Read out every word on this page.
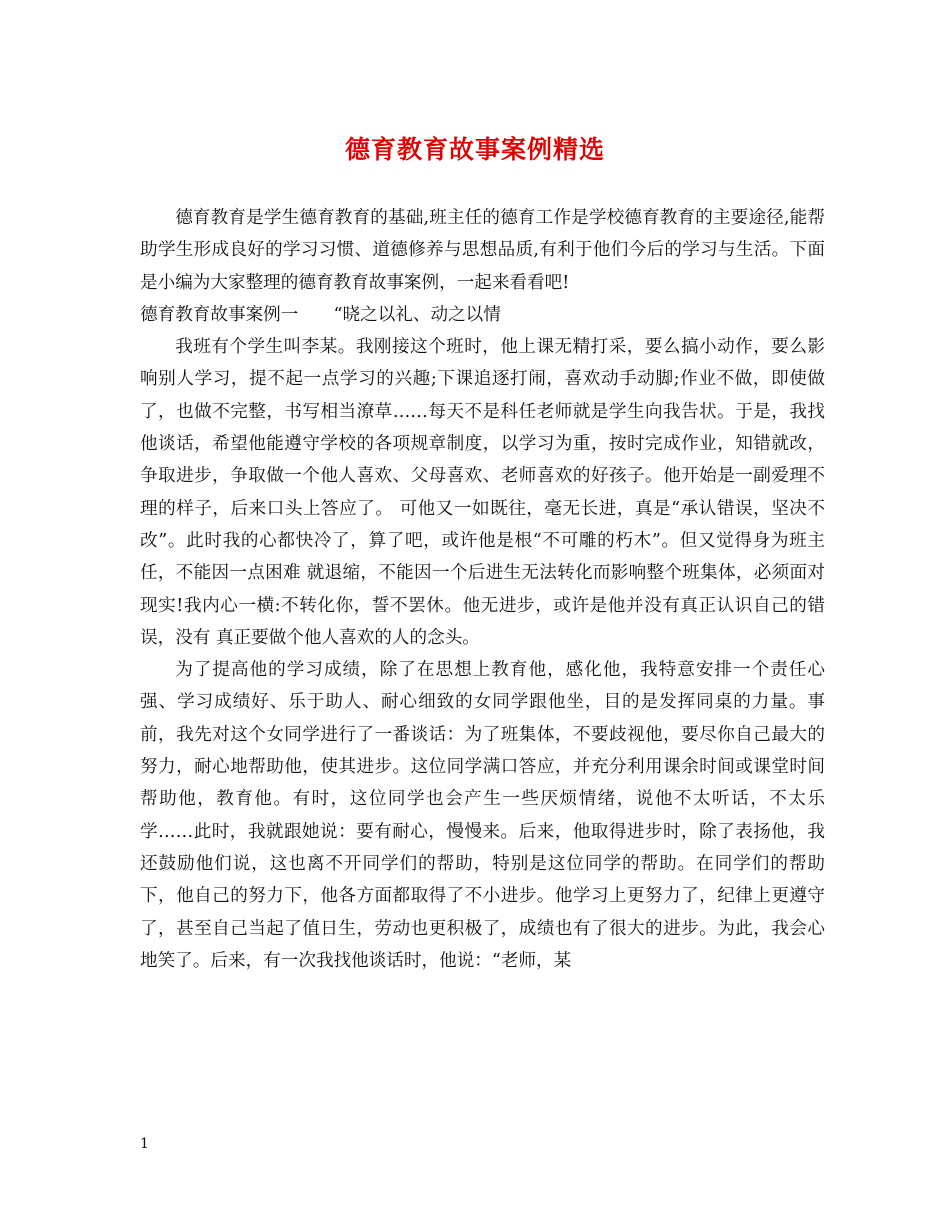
德育教育故事案例精选

德育教育是学生德育教育的基础,班主任的德育工作是学校德育教育的主要途径,能帮助学生形成良好的学习习惯、道德修养与思想品质,有利于他们今后的学习与生活。下面是小编为大家整理的德育教育故事案例，一起来看看吧!

德育教育故事案例一　　“晓之以礼、动之以情

我班有个学生叫李某。我刚接这个班时，他上课无精打采，要么搞小动作，要么影响别人学习，提不起一点学习的兴趣;下课追逐打闹，喜欢动手动脚;作业不做，即使做了，也做不完整，书写相当潦草……每天不是科任老师就是学生向我告状。于是，我找他谈话，希望他能遵守学校的各项规章制度，以学习为重，按时完成作业，知错就改，争取进步，争取做一个他人喜欢、父母喜欢、老师喜欢的好孩子。他开始是一副爱理不理的样子，后来口头上答应了。 可他又一如既往，毫无长进，真是“承认错误，坚决不改”。此时我的心都快冷了，算了吧，或许他是根“不可雕的朽木”。但又觉得身为班主任，不能因一点困难 就退缩，不能因一个后进生无法转化而影响整个班集体，必须面对现实!我内心一横:不转化你，誓不罢休。他无进步，或许是他并没有真正认识自己的错误，没有 真正要做个他人喜欢的人的念头。

为了提高他的学习成绩，除了在思想上教育他，感化他，我特意安排一个责任心强、学习成绩好、乐于助人、耐心细致的女同学跟他坐，目的是发挥同桌的力量。事前，我先对这个女同学进行了一番谈话：为了班集体，不要歧视他，要尽你自己最大的努力，耐心地帮助他，使其进步。这位同学满口答应，并充分利用课余时间或课堂时间帮助他，教育他。有时，这位同学也会产生一些厌烦情绪，说他不太听话，不太乐学……此时，我就跟她说：要有耐心，慢慢来。后来，他取得进步时，除了表扬他，我还鼓励他们说，这也离不开同学们的帮助，特别是这位同学的帮助。在同学们的帮助下，他自己的努力下，他各方面都取得了不小进步。他学习上更努力了，纪律上更遵守了，甚至自己当起了值日生，劳动也更积极了，成绩也有了很大的进步。为此，我会心地笑了。后来，有一次我找他谈话时，他说：“老师，某

1
